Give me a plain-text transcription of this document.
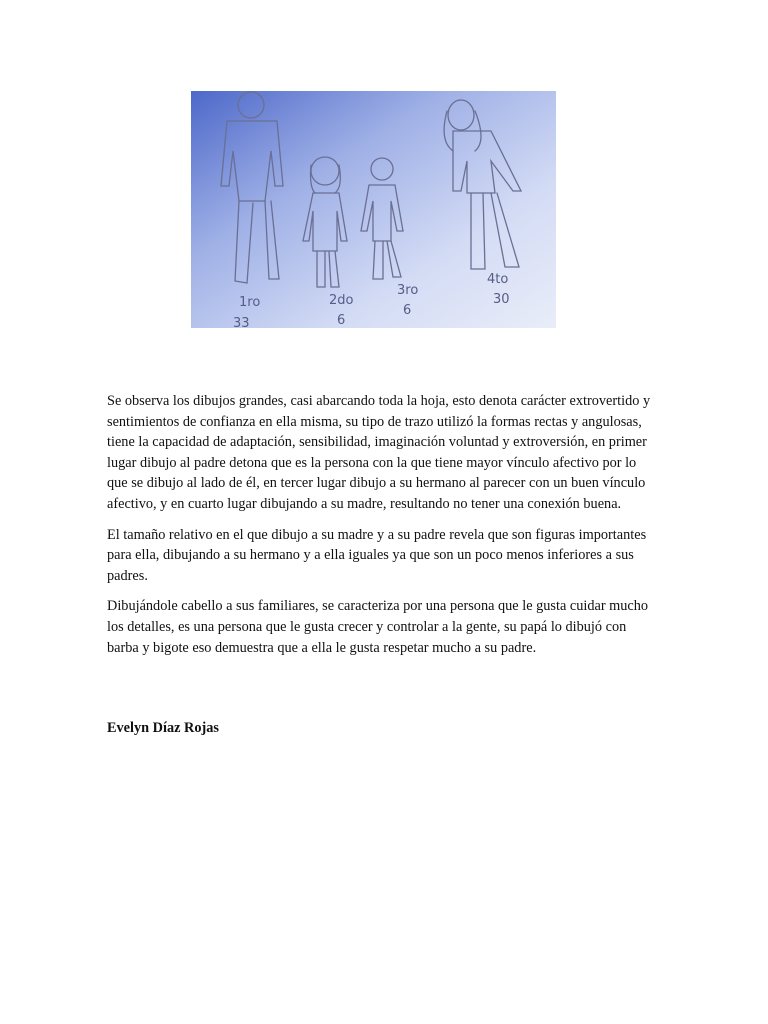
1ro
33
2do
6
3ro
6
4to
30

Se observa los dibujos grandes, casi abarcando toda la hoja, esto denota carácter extrovertido y sentimientos de confianza en ella misma, su tipo de trazo utilizó la formas rectas y angulosas, tiene la capacidad de adaptación, sensibilidad, imaginación voluntad y extroversión, en primer lugar dibujo al padre detona que es la persona con la que tiene mayor vínculo afectivo por lo que se dibujo al lado de él, en tercer lugar dibujo a su hermano al parecer con un buen vínculo afectivo, y en cuarto lugar dibujando a su madre, resultando no tener una conexión buena.

El tamaño relativo en el que dibujo a su madre y a su padre revela que son figuras importantes para ella, dibujando a su hermano y a ella iguales ya que son un poco menos inferiores a sus padres.

Dibujándole cabello a sus familiares, se caracteriza por una persona que le gusta cuidar mucho los detalles, es una persona que le gusta crecer y controlar a la gente, su papá lo dibujó con barba y bigote eso demuestra que a ella le gusta respetar mucho a su padre.

Evelyn Díaz Rojas
